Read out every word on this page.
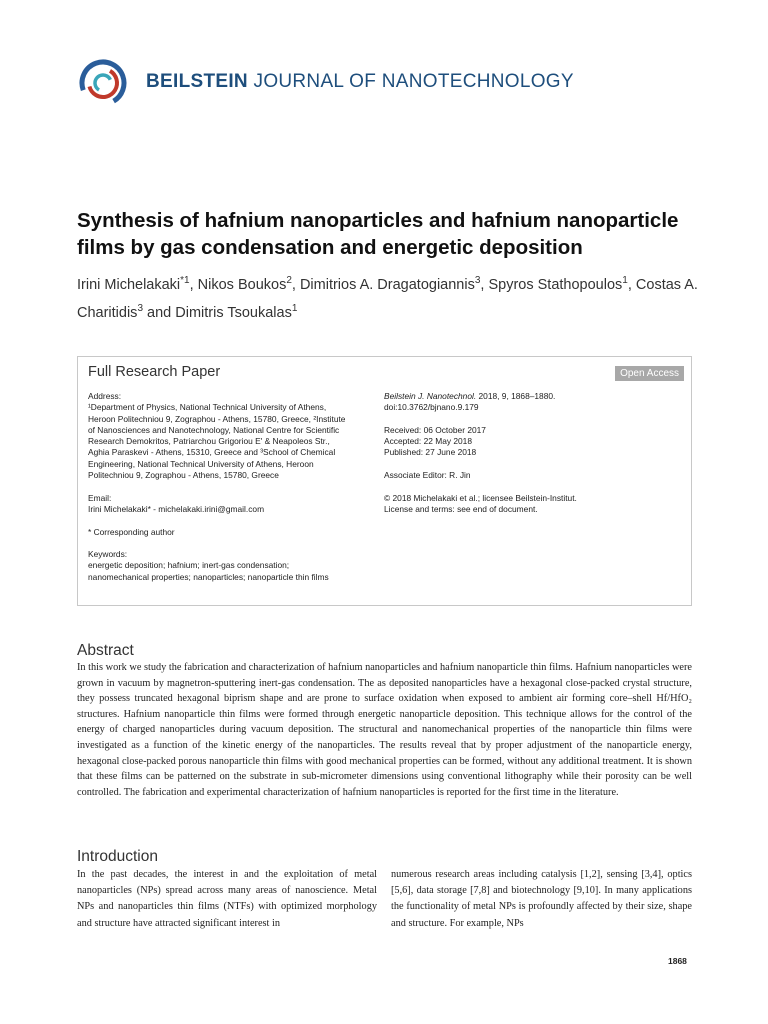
BEILSTEIN JOURNAL OF NANOTECHNOLOGY
Synthesis of hafnium nanoparticles and hafnium nanoparticle films by gas condensation and energetic deposition
Irini Michelakaki$^{*1}$, Nikos Boukos$^2$, Dimitrios A. Dragatogiannis$^3$, Spyros Stathopoulos$^1$, Costas A. Charitidis$^3$ and Dimitris Tsoukalas$^1$
Full Research Paper	Open Access
Address:
¹Department of Physics, National Technical University of Athens,
Heroon Politechniou 9, Zographou - Athens, 15780, Greece, ²Institute
of Nanosciences and Nanotechnology, National Centre for Scientific
Research Demokritos, Patriarchou Grigoriou E' & Neapoleos Str.,
Aghia Paraskevi - Athens, 15310, Greece and ³School of Chemical
Engineering, National Technical University of Athens, Heroon
Politechniou 9, Zographou - Athens, 15780, Greece
Email:
Irini Michelakaki* - michelakaki.irini@gmail.com
* Corresponding author
Keywords:
energetic deposition; hafnium; inert-gas condensation;
nanomechanical properties; nanoparticles; nanoparticle thin films
Beilstein J. Nanotechnol. 2018, 9, 1868–1880.
doi:10.3762/bjnano.9.179
Received: 06 October 2017
Accepted: 22 May 2018
Published: 27 June 2018
Associate Editor: R. Jin
© 2018 Michelakaki et al.; licensee Beilstein-Institut.
License and terms: see end of document.
Abstract
In this work we study the fabrication and characterization of hafnium nanoparticles and hafnium nanoparticle thin films. Hafnium nanoparticles were grown in vacuum by magnetron-sputtering inert-gas condensation. The as deposited nanoparticles have a hexagonal close-packed crystal structure, they possess truncated hexagonal biprism shape and are prone to surface oxidation when exposed to ambient air forming core–shell Hf/HfO₂ structures. Hafnium nanoparticle thin films were formed through energetic nanoparticle deposition. This technique allows for the control of the energy of charged nanoparticles during vacuum deposition. The structural and nanomechanical properties of the nanoparticle thin films were investigated as a function of the kinetic energy of the nanoparticles. The results reveal that by proper adjustment of the nanoparticle energy, hexagonal close-packed porous nanoparticle thin films with good mechanical properties can be formed, without any additional treatment. It is shown that these films can be patterned on the substrate in sub-micrometer dimensions using conventional lithography while their porosity can be well controlled. The fabrication and experimental characterization of hafnium nanoparticles is reported for the first time in the literature.
Introduction
In the past decades, the interest in and the exploitation of metal nanoparticles (NPs) spread across many areas of nanoscience. Metal NPs and nanoparticles thin films (NTFs) with optimized morphology and structure have attracted significant interest in
numerous research areas including catalysis [1,2], sensing [3,4], optics [5,6], data storage [7,8] and biotechnology [9,10]. In many applications the functionality of metal NPs is profoundly affected by their size, shape and structure. For example, NPs
1868
